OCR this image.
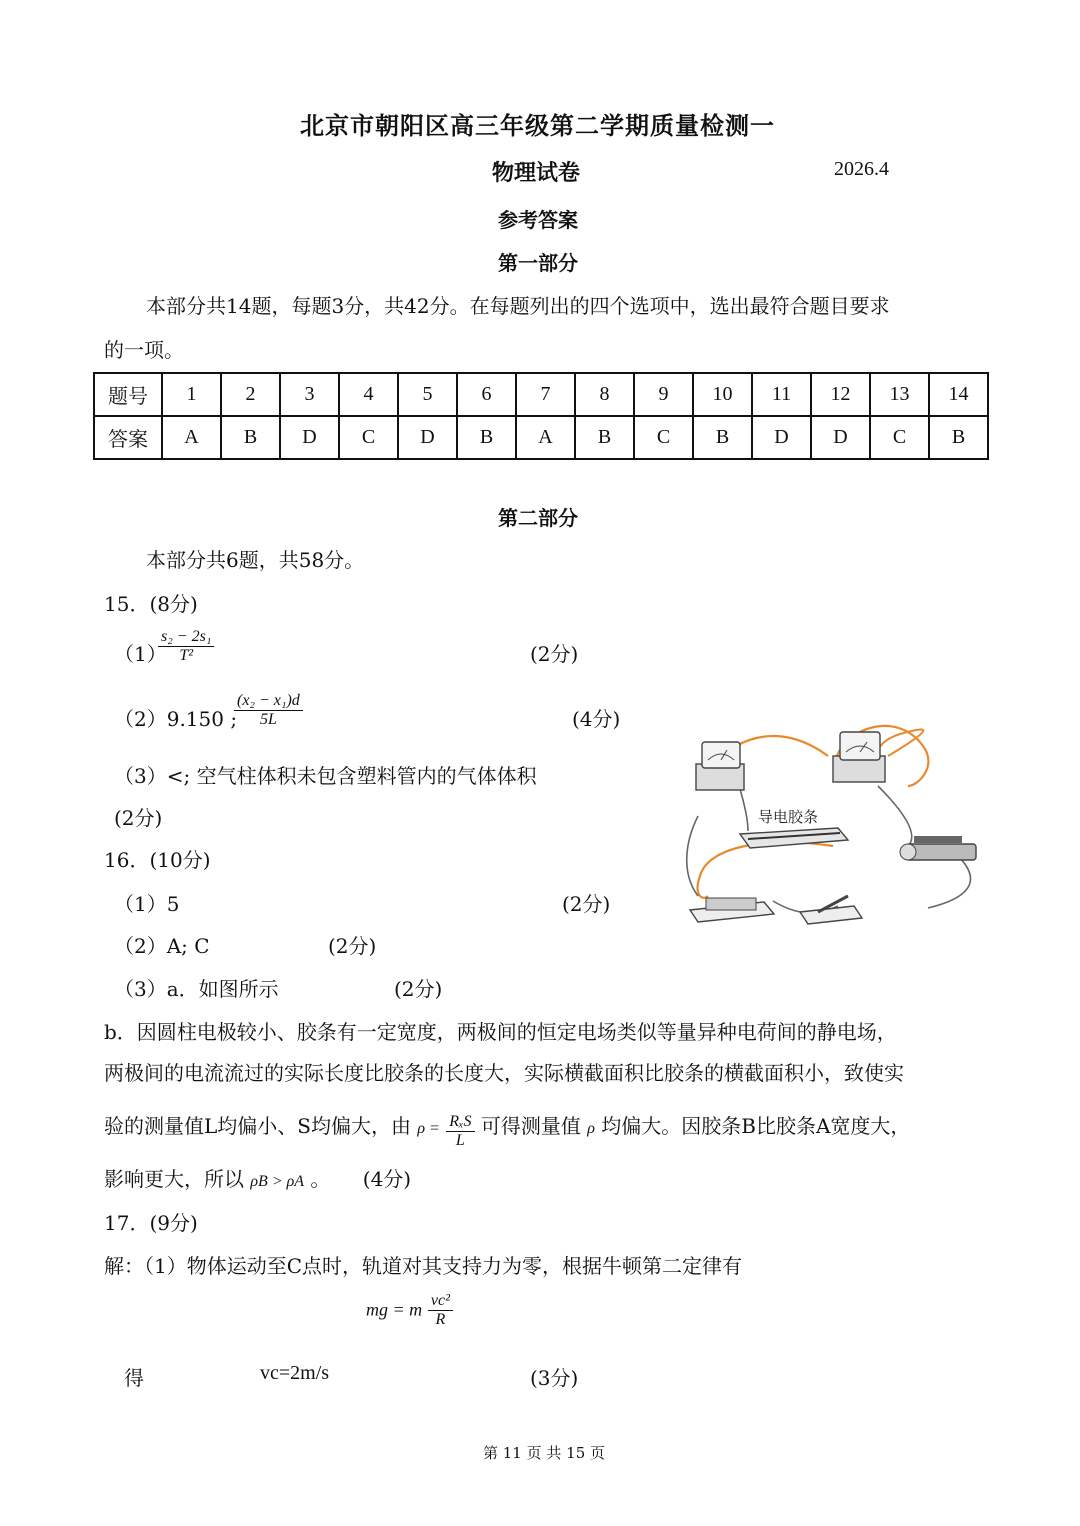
北京市朝阳区高三年级第二学期质量检测一
物理试卷	2026.4
参考答案
第一部分
本部分共14题，每题3分，共42分。在每题列出的四个选项中，选出最符合题目要求
的一项。
题号	1	2	3	4	5	6	7	8	9	10	11	12	13	14
答案	A	B	D	C	D	B	A	B	C	B	D	D	C	B
第二部分
本部分共6题，共58分。
15．(8分)
（1）
$\frac{\text{s₂ − 2s₁}}{\text{T²}}$	(2分)
（2）9.150 ;
$\frac{\text{(x₂ − x₁)d}}{5L}$	(4分)
（3）<; 空气柱体积未包含塑料管内的气体体积
(2分)	导电胶条
16．(10分)
（1）5	(2分)
（2）A; C	(2分)
（3）a．如图所示	(2分)
b．因圆柱电极较小、胶条有一定宽度，两极间的恒定电场类似等量异种电荷间的静电场，
两极间的电流流过的实际长度比胶条的长度大，实际横截面积比胶条的横截面积小，致使实
验的测量值L均偏小、S均偏大，由 $\rho = \frac{\text{RₓS}}{L}$ 可得测量值 ρ 均偏大。因胶条B比胶条A宽度大，
影响更大，所以 ρB > ρA 。 (4分)
17．(9分)
解：（1）物体运动至C点时，轨道对其支持力为零，根据牛顿第二定律有
mg = m $\frac{\text{vc²}}{R}$
得	vc=2m/s	(3分)
第 11 页 共 15 页
